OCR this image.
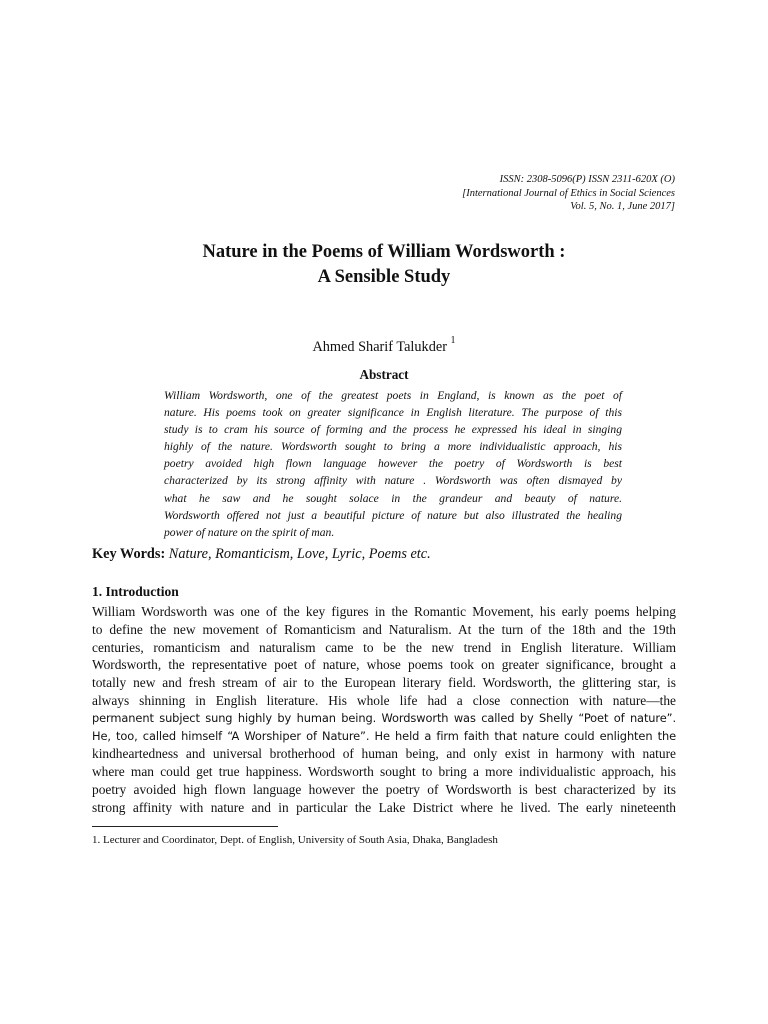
ISSN: 2308-5096(P) ISSN 2311-620X (O)
[International Journal of Ethics in Social Sciences
Vol. 5, No. 1, June 2017]
Nature in the Poems of William Wordsworth :
A Sensible Study
Ahmed Sharif Talukder $^1$
Abstract
William Wordsworth, one of the greatest poets in England, is known as the poet of
nature. His poems took on greater significance in English literature. The purpose of this
study is to cram his source of forming and the process he expressed his ideal in singing
highly of the nature. Wordsworth sought to bring a more individualistic approach, his
poetry avoided high flown language however the poetry of Wordsworth is best
characterized by its strong affinity with nature . Wordsworth was often dismayed by
what he saw and he sought solace in the grandeur and beauty of nature.
Wordsworth offered not just a beautiful picture of nature but also illustrated the healing
power of nature on the spirit of man.
Key Words: Nature, Romanticism, Love, Lyric, Poems etc.
1. Introduction
William Wordsworth was one of the key figures in the Romantic Movement, his early poems helping
to define the new movement of Romanticism and Naturalism. At the turn of the 18th and the 19th
centuries, romanticism and naturalism came to be the new trend in English literature. William
Wordsworth, the representative poet of nature, whose poems took on greater significance, brought a
totally new and fresh stream of air to the European literary field. Wordsworth, the glittering star, is
always shinning in English literature. His whole life had a close connection with nature—the
permanent subject sung highly by human being. Wordsworth was called by Shelly “Poet of nature”.
He, too, called himself “A Worshiper of Nature”. He held a firm faith that nature could enlighten the
kindheartedness and universal brotherhood of human being, and only exist in harmony with nature
where man could get true happiness. Wordsworth sought to bring a more individualistic approach, his
poetry avoided high flown language however the poetry of Wordsworth is best characterized by its
strong affinity with nature and in particular the Lake District where he lived. The early nineteenth
1. Lecturer and Coordinator, Dept. of English, University of South Asia, Dhaka, Bangladesh
